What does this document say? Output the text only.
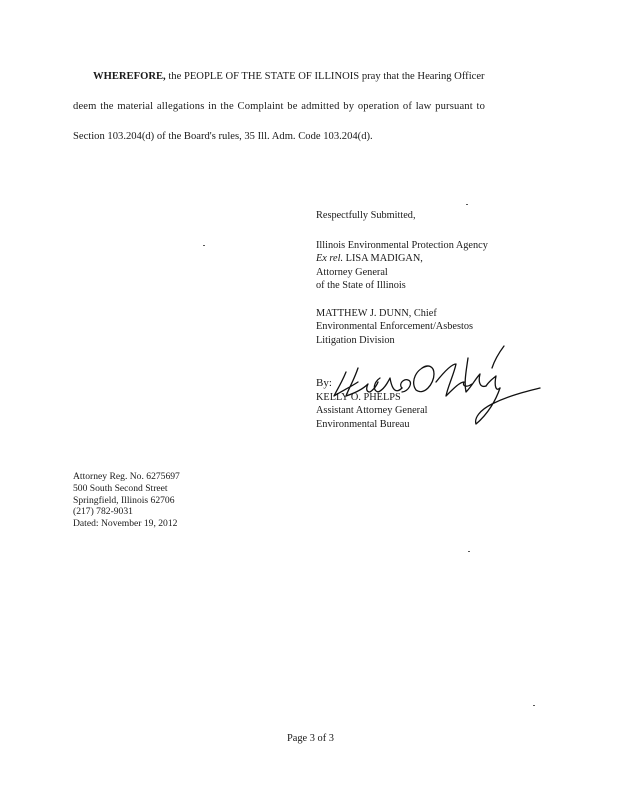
WHEREFORE, the PEOPLE OF THE STATE OF ILLINOIS pray that the Hearing Officer
deem the material allegations in the Complaint be admitted by operation of law pursuant to
Section 103.204(d) of the Board's rules, 35 Ill. Adm. Code 103.204(d).
Respectfully Submitted,
Illinois Environmental Protection Agency
Ex rel. LISA MADIGAN,
Attorney General
of the State of Illinois
MATTHEW J. DUNN, Chief
Environmental Enforcement/Asbestos
Litigation Division
By:
KELLY O. PHELPS
Assistant Attorney General
Environmental Bureau
Attorney Reg. No. 6275697
500 South Second Street
Springfield, Illinois 62706
(217) 782-9031
Dated: November 19, 2012
Page 3 of 3
